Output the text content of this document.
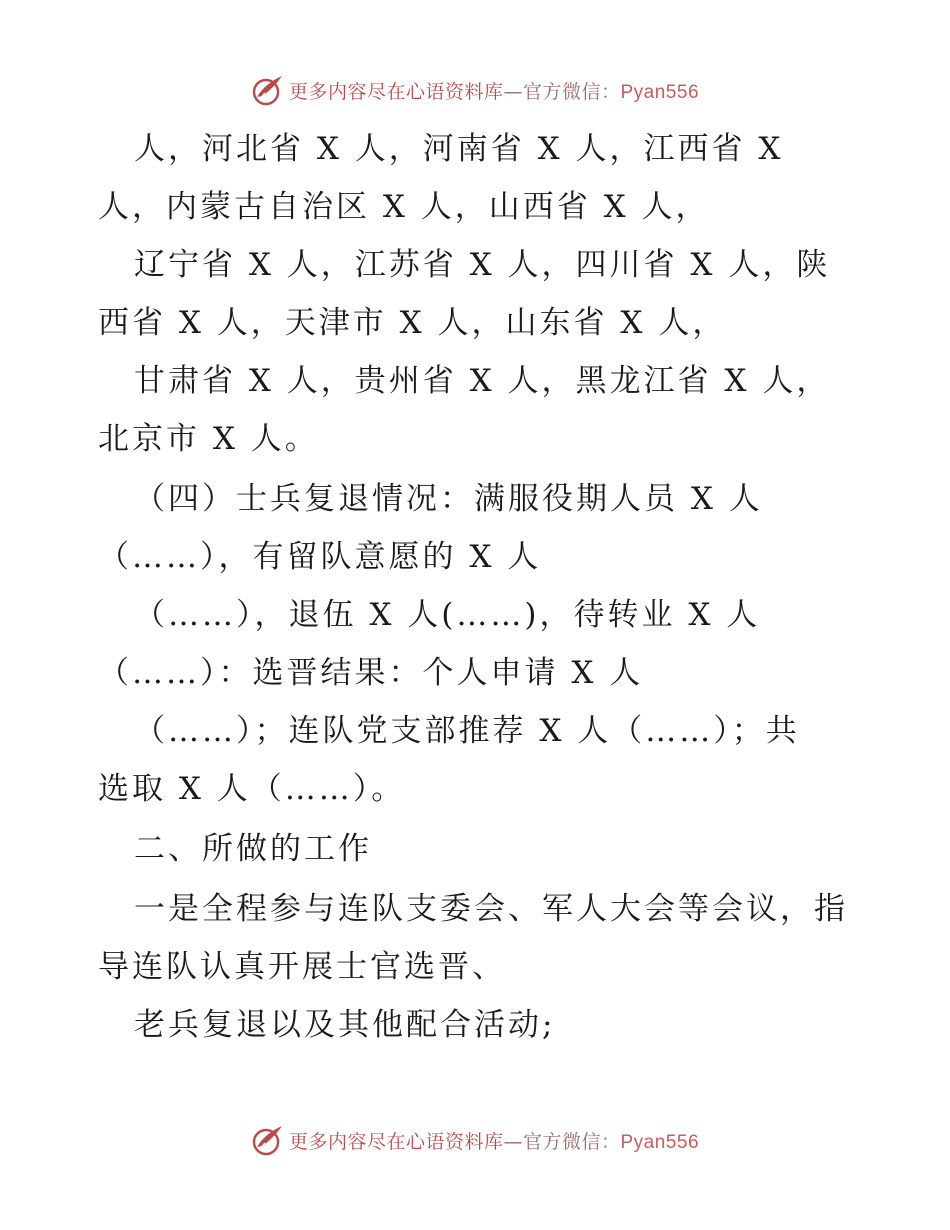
更多内容尽在心语资料库—官方微信：Pyan556
人，河北省 X 人，河南省 X 人，江西省 X
人，内蒙古自治区 X 人，山西省 X 人，
辽宁省 X 人，江苏省 X 人，四川省 X 人，陕
西省 X 人，天津市 X 人，山东省 X 人，
甘肃省 X 人，贵州省 X 人，黑龙江省 X 人，
北京市 X 人。
（四）士兵复退情况：满服役期人员 X 人
（……），有留队意愿的 X 人
（……），退伍 X 人(……)，待转业 X 人
（……）：选晋结果：个人申请 X 人
（……）；连队党支部推荐 X 人（……）；共
选取 X 人（……）。
二、所做的工作
一是全程参与连队支委会、军人大会等会议，指
导连队认真开展士官选晋、
老兵复退以及其他配合活动;
更多内容尽在心语资料库—官方微信：Pyan556
